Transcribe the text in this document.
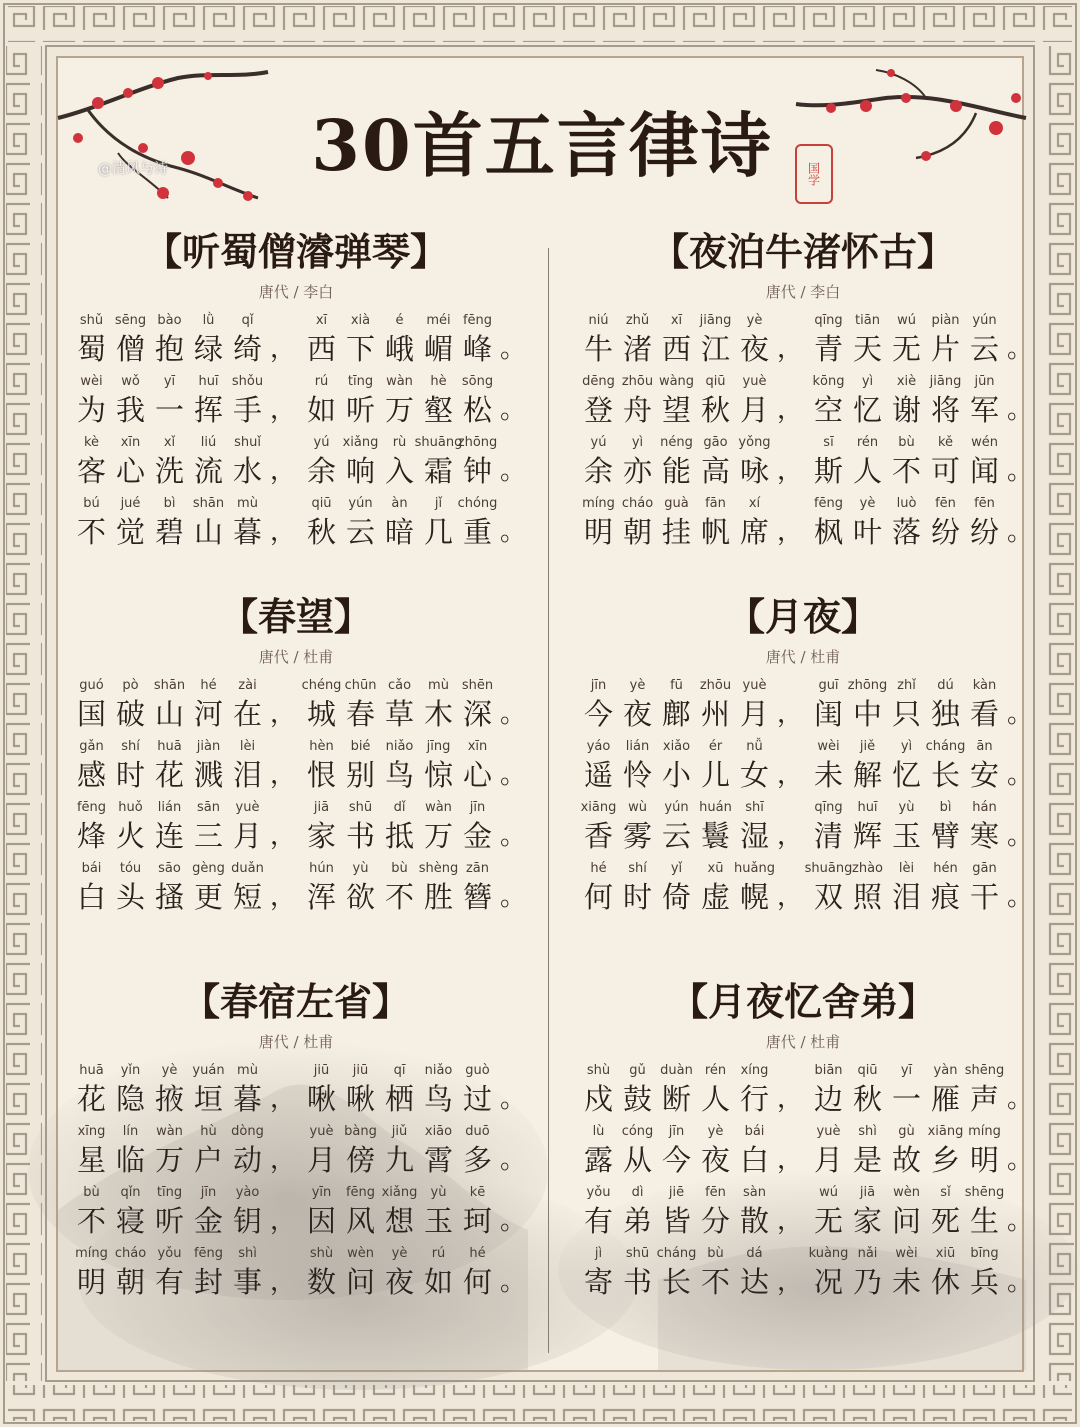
30首五言律诗	国学
@清风与诗
【听蜀僧濬弹琴】
唐代 / 李白
shǔ
蜀
sēng
僧
bào
抱
lǜ
绿
qǐ
绮 ，
xī
西
xià
下
é
峨
méi
嵋
fēng
峰 。
wèi
为
wǒ
我
yī
一
huī
挥
shǒu
手 ，
rú
如
tīng
听
wàn
万
hè
壑
sōng
松 。
kè
客
xīn
心
xǐ
洗
liú
流
shuǐ
水 ，
yú
余
xiǎng
响
rù
入
shuāng
霜
zhōng
钟 。
bú
不
jué
觉
bì
碧
shān
山
mù
暮 ，
qiū
秋
yún
云
àn
暗
jǐ
几
chóng
重 。
【夜泊牛渚怀古】
唐代 / 李白
niú
牛
zhǔ
渚
xī
西
jiāng
江
yè
夜 ，
qīng
青
tiān
天
wú
无
piàn
片
yún
云 。
dēng
登
zhōu
舟
wàng
望
qiū
秋
yuè
月 ，
kōng
空
yì
忆
xiè
谢
jiāng
将
jūn
军 。
yú
余
yì
亦
néng
能
gāo
高
yǒng
咏 ，
sī
斯
rén
人
bù
不
kě
可
wén
闻 。
míng
明
cháo
朝
guà
挂
fān
帆
xí
席 ，
fēng
枫
yè
叶
luò
落
fēn
纷
fēn
纷 。
【春望】
唐代 / 杜甫
guó
国
pò
破
shān
山
hé
河
zài
在 ，
chéng
城
chūn
春
cǎo
草
mù
木
shēn
深 。
gǎn
感
shí
时
huā
花
jiàn
溅
lèi
泪 ，
hèn
恨
bié
别
niǎo
鸟
jīng
惊
xīn
心 。
fēng
烽
huǒ
火
lián
连
sān
三
yuè
月 ，
jiā
家
shū
书
dǐ
抵
wàn
万
jīn
金 。
bái
白
tóu
头
sāo
搔
gèng
更
duǎn
短 ，
hún
浑
yù
欲
bù
不
shèng
胜
zān
簪 。
【月夜】
唐代 / 杜甫
jīn
今
yè
夜
fū
鄜
zhōu
州
yuè
月 ，
guī
闺
zhōng
中
zhǐ
只
dú
独
kàn
看 。
yáo
遥
lián
怜
xiǎo
小
ér
儿
nǚ
女 ，
wèi
未
jiě
解
yì
忆
cháng
长
ān
安 。
xiāng
香
wù
雾
yún
云
huán
鬟
shī
湿 ，
qīng
清
huī
辉
yù
玉
bì
臂
hán
寒 。
hé
何
shí
时
yǐ
倚
xū
虚
huǎng
幌 ，
shuāng
双
zhào
照
lèi
泪
hén
痕
gān
干 。
【春宿左省】
唐代 / 杜甫
huā
花
yǐn
隐
yè
掖
yuán
垣
mù
暮 ，
jiū
啾
jiū
啾
qī
栖
niǎo
鸟
guò
过 。
xīng
星
lín
临
wàn
万
hù
户
dòng
动 ，
yuè
月
bàng
傍
jiǔ
九
xiāo
霄
duō
多 。
bù
不
qǐn
寝
tīng
听
jīn
金
yào
钥 ，
yīn
因
fēng
风
xiǎng
想
yù
玉
kē
珂 。
míng
明
cháo
朝
yǒu
有
fēng
封
shì
事 ，
shù
数
wèn
问
yè
夜
rú
如
hé
何 。
【月夜忆舍弟】
唐代 / 杜甫
shù
戍
gǔ
鼓
duàn
断
rén
人
xíng
行 ，
biān
边
qiū
秋
yī
一
yàn
雁
shēng
声 。
lù
露
cóng
从
jīn
今
yè
夜
bái
白 ，
yuè
月
shì
是
gù
故
xiāng
乡
míng
明 。
yǒu
有
dì
弟
jiē
皆
fēn
分
sàn
散 ，
wú
无
jiā
家
wèn
问
sǐ
死
shēng
生 。
jì
寄
shū
书
cháng
长
bù
不
dá
达 ，
kuàng
况
nǎi
乃
wèi
未
xiū
休
bīng
兵 。
